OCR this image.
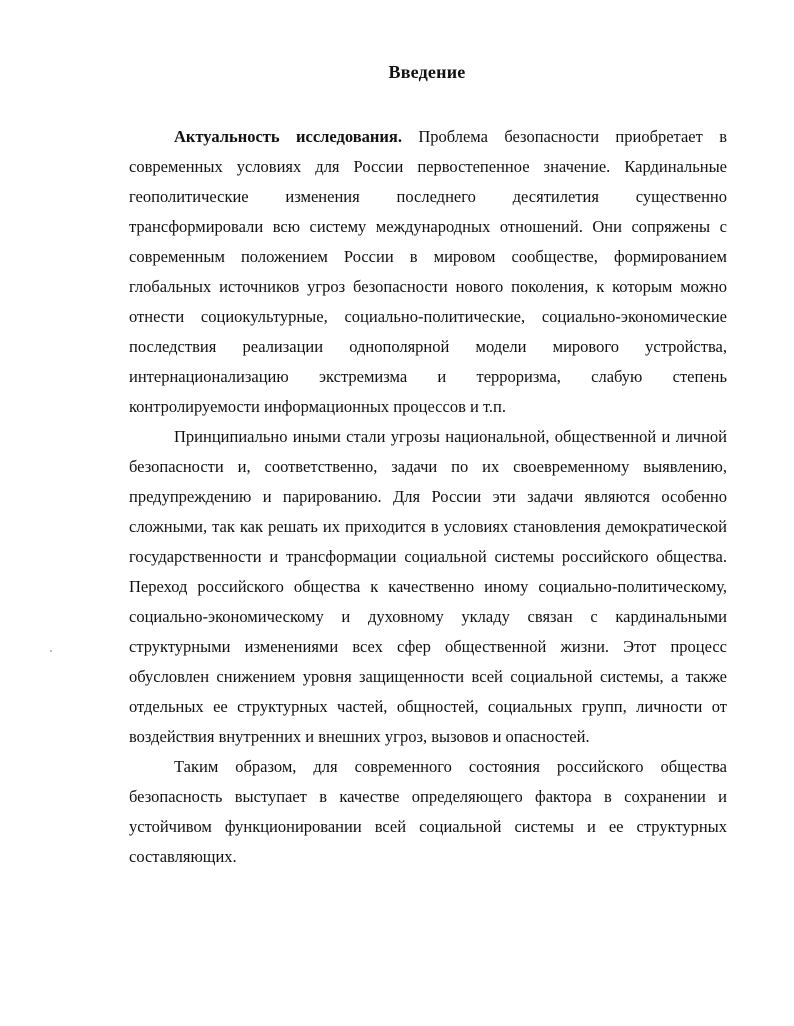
Введение

Актуальность исследования. Проблема безопасности приобретает в современных условиях для России первостепенное значение. Кардинальные геополитические изменения последнего десятилетия существенно трансформировали всю систему международных отношений. Они сопряжены с современным положением России в мировом сообществе, формированием глобальных источников угроз безопасности нового поколения, к которым можно отнести социокультурные, социально-политические, социально-экономические последствия реализации однополярной модели мирового устройства, интернационализацию экстремизма и терроризма, слабую степень контролируемости информационных процессов и т.п.

Принципиально иными стали угрозы национальной, общественной и личной безопасности и, соответственно, задачи по их своевременному выявлению, предупреждению и парированию. Для России эти задачи являются особенно сложными, так как решать их приходится в условиях становления демократической государственности и трансформации социальной системы российского общества. Переход российского общества к качественно иному социально-политическому, социально-экономическому и духовному укладу связан с кардинальными структурными изменениями всех сфер общественной жизни. Этот процесс обусловлен снижением уровня защищенности всей социальной системы, а также отдельных ее структурных частей, общностей, социальных групп, личности от воздействия внутренних и внешних угроз, вызовов и опасностей.

Таким образом, для современного состояния российского общества безопасность выступает в качестве определяющего фактора в сохранении и устойчивом функционировании всей социальной системы и ее структурных составляющих.
